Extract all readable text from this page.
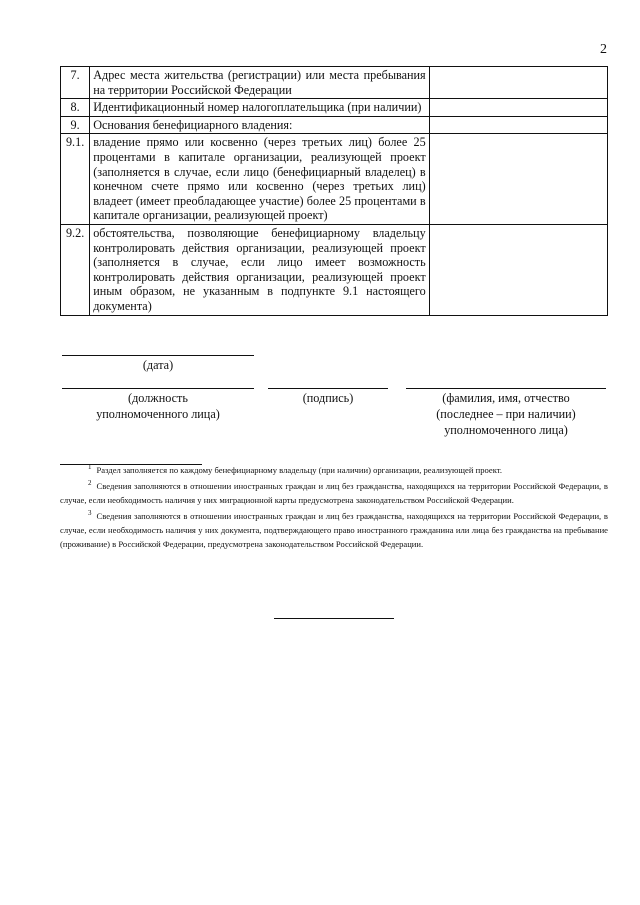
2
7.	Адрес места жительства (регистрации) или места пребывания на территории Российской Федерации	
8.	Идентификационный номер налогоплательщика (при наличии)	
9.	Основания бенефициарного владения:	
9.1.	владение прямо или косвенно (через третьих лиц) более 25 процентами в капитале организации, реализующей проект (заполняется в случае, если лицо (бенефициарный владелец) в конечном счете прямо или косвенно (через третьих лиц) владеет (имеет преобладающее участие) более 25 процентами в капитале организации, реализующей проект)	
9.2.	обстоятельства, позволяющие бенефициарному владельцу контролировать действия организации, реализующей проект (заполняется в случае, если лицо имеет возможность контролировать действия организации, реализующей проект иным образом, не указанным в подпункте 9.1 настоящего документа)	
(дата)
(должность
уполномоченного лица)
(подпись)	(фамилия, имя, отчество
(последнее – при наличии)
уполномоченного лица)

$^1$ Раздел заполняется по каждому бенефициарному владельцу (при наличии) организации, реализующей проект.

$^2$ Сведения заполняются в отношении иностранных граждан и лиц без гражданства, находящихся на территории Российской Федерации, в случае, если необходимость наличия у них миграционной карты предусмотрена законодательством Российской Федерации.

$^3$ Сведения заполняются в отношении иностранных граждан и лиц без гражданства, находящихся на территории Российской Федерации, в случае, если необходимость наличия у них документа, подтверждающего право иностранного гражданина или лица без гражданства на пребывание (проживание) в Российской Федерации, предусмотрена законодательством Российской Федерации.
